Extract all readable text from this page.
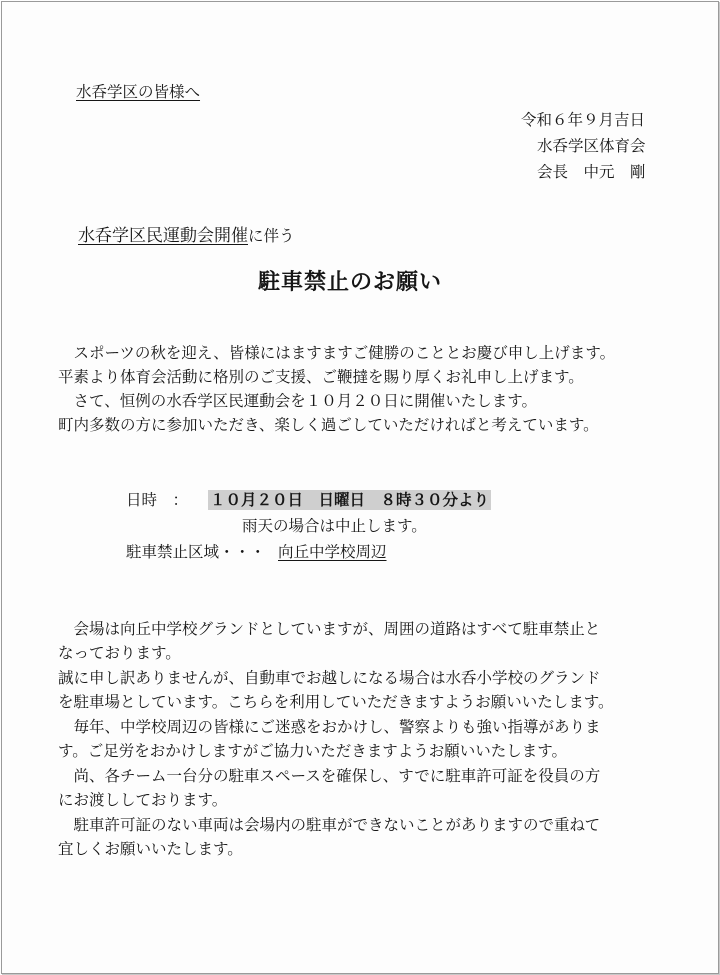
水呑学区の皆様へ
令和６年９月吉日
水呑学区体育会
会長　中元　剛
水呑学区民運動会開催に伴う
駐車禁止のお願い
　スポーツの秋を迎え、皆様にはますますご健勝のこととお慶び申し上げます。
平素より体育会活動に格別のご支援、ご鞭撻を賜り厚くお礼申し上げます。
　さて、恒例の水呑学区民運動会を１０月２０日に開催いたします。
町内多数の方に参加いただき、楽しく過ごしていただければと考えています。
日時　： １０月２０日　日曜日　８時３０分より
雨天の場合は中止します。
駐車禁止区域・・・ 向丘中学校周辺
　会場は向丘中学校グランドとしていますが、周囲の道路はすべて駐車禁止と
なっております。
誠に申し訳ありませんが、自動車でお越しになる場合は水呑小学校のグランド
を駐車場としています。こちらを利用していただきますようお願いいたします。
　毎年、中学校周辺の皆様にご迷惑をおかけし、警察よりも強い指導がありま
す。ご足労をおかけしますがご協力いただきますようお願いいたします。
　尚、各チーム一台分の駐車スペースを確保し、すでに駐車許可証を役員の方
にお渡ししております。
　駐車許可証のない車両は会場内の駐車ができないことがありますので重ねて
宜しくお願いいたします。
